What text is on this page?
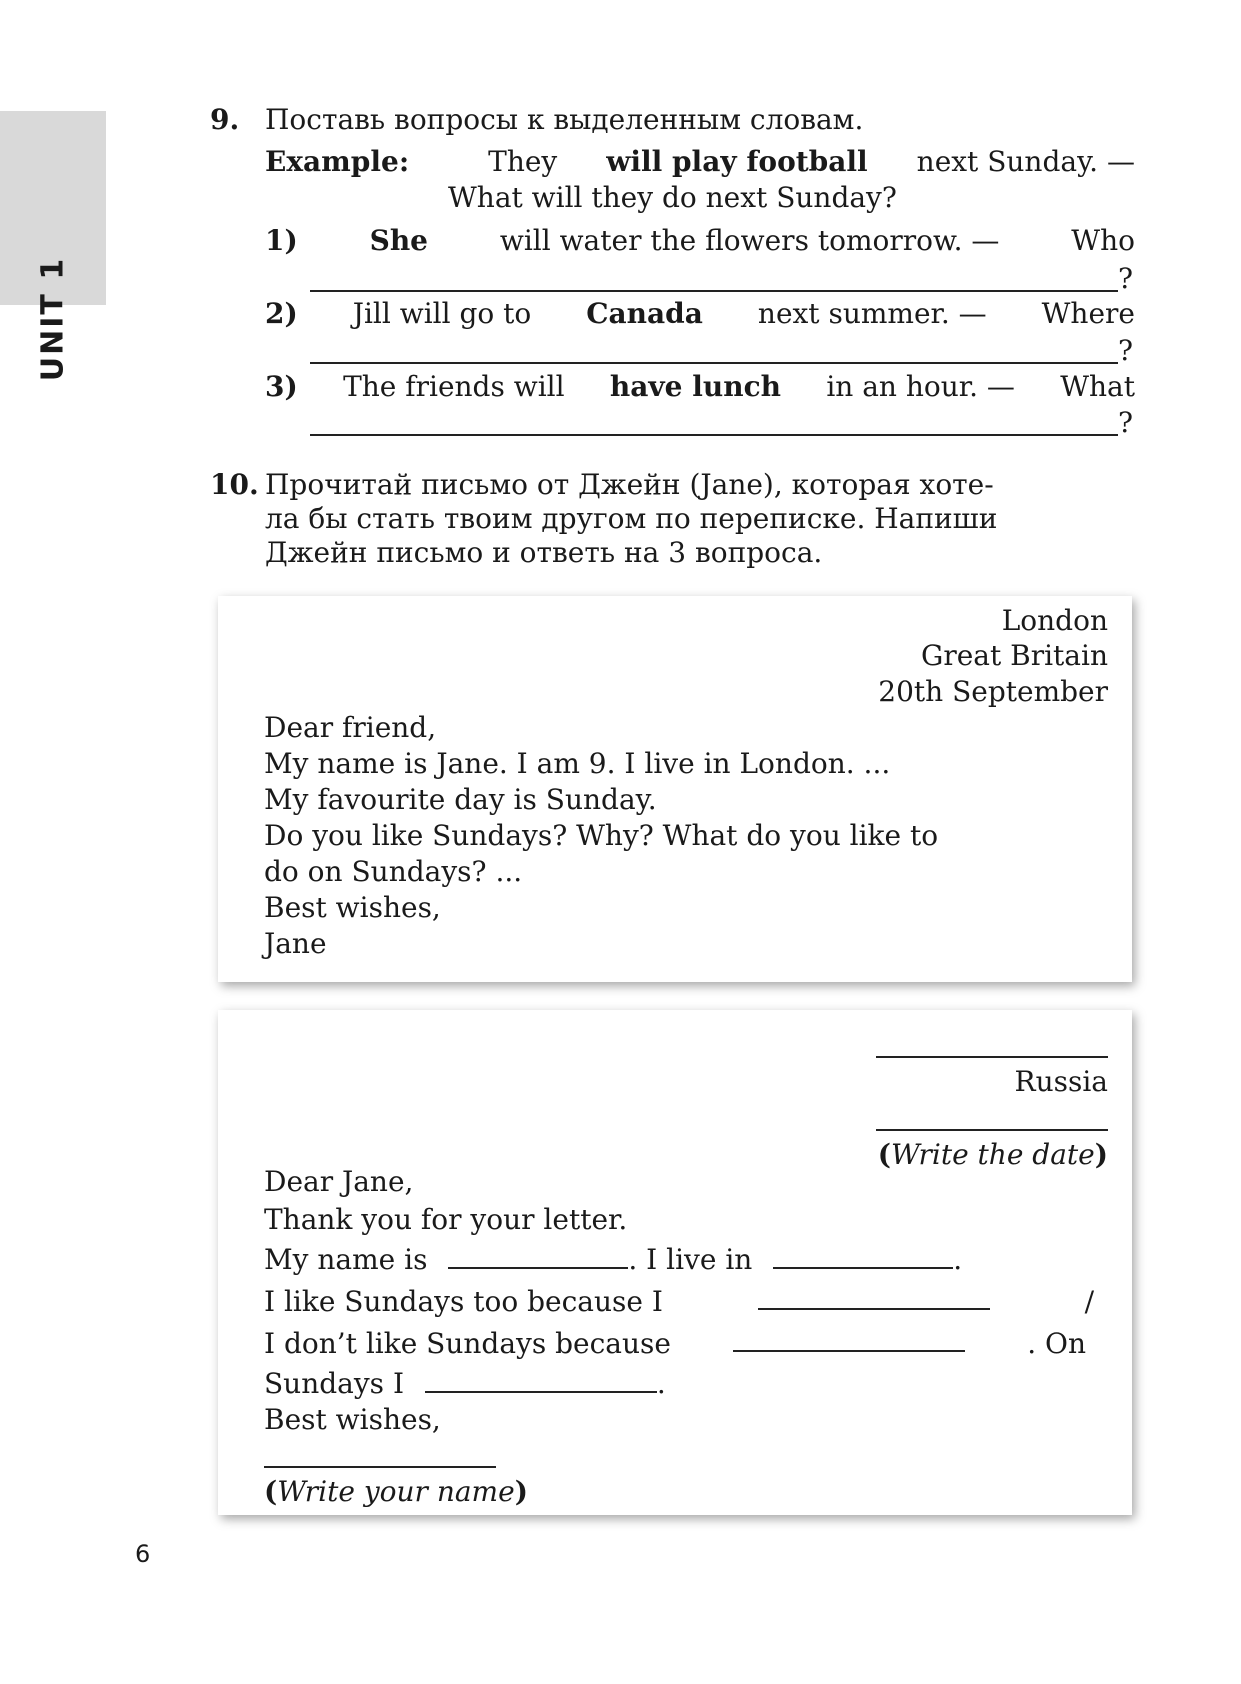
UNIT 1
9. Поставь вопросы к выделенным словам.
Example:	They will play football next Sunday. —
What will they do next Sunday?
1)	She	will water the flowers tomorrow. —	Who
?
2) Jill will go to Canada next summer. — Where
?
3) The friends will have lunch in an hour. — What
?
10. Прочитай письмо от Джейн (Jane), которая хоте-
ла бы стать твоим другом по переписке. Напиши
Джейн письмо и ответь на 3 вопроса.
London
Great Britain
20th September
Dear friend,
My name is Jane. I am 9. I live in London. ...
My favourite day is Sunday.
Do you like Sundays? Why? What do you like to
do on Sundays? ...
Best wishes,
Jane
Russia
(Write the date)
Dear Jane,
Thank you for your letter.
My name is	. I live in	.
I like Sundays too because I	/
I don’t like Sundays because	. On
Sundays I	.
Best wishes,
(Write your name)
6
